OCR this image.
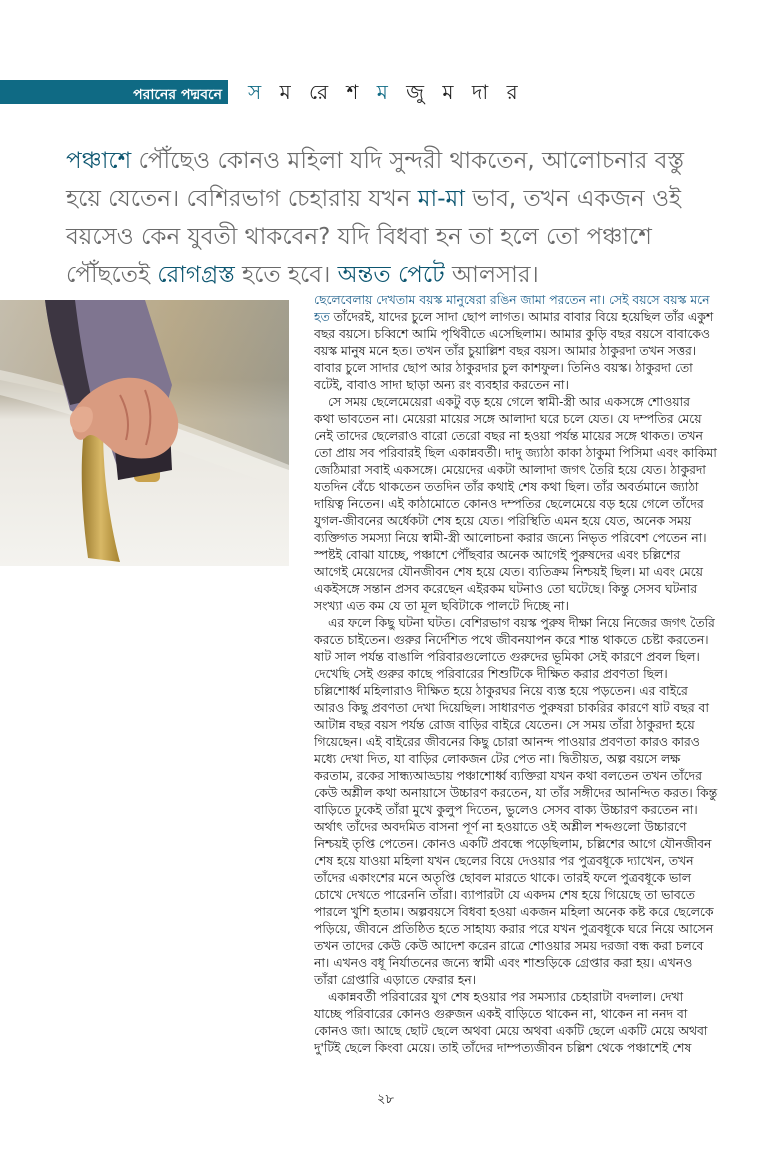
পরানের পদ্মবনে স ম রে শ ম জু ম দা র
পঞ্চাশে পৌঁছেও কোনও মহিলা যদি সুন্দরী থাকতেন, আলোচনার বস্তু
হয়ে যেতেন। বেশিরভাগ চেহারায় যখন মা-মা ভাব, তখন একজন ওই
বয়সেও কেন যুবতী থাকবেন? যদি বিধবা হন তা হলে তো পঞ্চাশে
পৌঁছতেই রোগগ্রস্ত হতে হবে। অন্তত পেটে আলসার।
ছেলেবেলায় দেখতাম বয়স্ক মানুষেরা রঙিন জামা পরতেন না। সেই বয়সে বয়স্ক মনে
হত তাঁদেরই, যাদের চুলে সাদা ছোপ লাগত। আমার বাবার বিয়ে হয়েছিল তাঁর একুশ
বছর বয়সে। চব্বিশে আমি পৃথিবীতে এসেছিলাম। আমার কুড়ি বছর বয়সে বাবাকেও
বয়স্ক মানুষ মনে হত। তখন তাঁর চুয়াল্লিশ বছর বয়স। আমার ঠাকুরদা তখন সত্তর।
বাবার চুলে সাদার ছোপ আর ঠাকুরদার চুল কাশফুল। তিনিও বয়স্ক। ঠাকুরদা তো
বটেই, বাবাও সাদা ছাড়া অন্য রং ব্যবহার করতেন না।
সে সময় ছেলেমেয়েরা একটু বড় হয়ে গেলে স্বামী-স্ত্রী আর একসঙ্গে শোওয়ার
কথা ভাবতেন না। মেয়েরা মায়ের সঙ্গে আলাদা ঘরে চলে যেত। যে দম্পতির মেয়ে
নেই তাদের ছেলেরাও বারো তেরো বছর না হওয়া পর্যন্ত মায়ের সঙ্গে থাকত। তখন
তো প্রায় সব পরিবারই ছিল একান্নবর্তী। দাদু জ্যাঠা কাকা ঠাকুমা পিসিমা এবং কাকিমা
জেঠিমারা সবাই একসঙ্গে। মেয়েদের একটা আলাদা জগৎ তৈরি হয়ে যেত। ঠাকুরদা
যতদিন বেঁচে থাকতেন ততদিন তাঁর কথাই শেষ কথা ছিল। তাঁর অবর্তমানে জ্যাঠা
দায়িত্ব নিতেন। এই কাঠামোতে কোনও দম্পতির ছেলেমেয়ে বড় হয়ে গেলে তাঁদের
যুগল-জীবনের অর্ধেকটা শেষ হয়ে যেত। পরিস্থিতি এমন হয়ে যেত, অনেক সময়
ব্যক্তিগত সমস্যা নিয়ে স্বামী-স্ত্রী আলোচনা করার জন্যে নিভৃত পরিবেশ পেতেন না।
স্পষ্টই বোঝা যাচ্ছে, পঞ্চাশে পৌঁছবার অনেক আগেই পুরুষদের এবং চল্লিশের
আগেই মেয়েদের যৌনজীবন শেষ হয়ে যেত। ব্যতিক্রম নিশ্চয়ই ছিল। মা এবং মেয়ে
একইসঙ্গে সন্তান প্রসব করেছেন এইরকম ঘটনাও তো ঘটেছে। কিন্তু সেসব ঘটনার
সংখ্যা এত কম যে তা মূল ছবিটাকে পালটে দিচ্ছে না।
এর ফলে কিছু ঘটনা ঘটত। বেশিরভাগ বয়স্ক পুরুষ দীক্ষা নিয়ে নিজের জগৎ তৈরি
করতে চাইতেন। গুরুর নির্দেশিত পথে জীবনযাপন করে শান্ত থাকতে চেষ্টা করতেন।
ষাট সাল পর্যন্ত বাঙালি পরিবারগুলোতে গুরুদের ভূমিকা সেই কারণে প্রবল ছিল।
দেখেছি সেই গুরুর কাছে পরিবারের শিশুটিকে দীক্ষিত করার প্রবণতা ছিল।
চল্লিশোর্ধ্ব মহিলারাও দীক্ষিত হয়ে ঠাকুরঘর নিয়ে ব্যস্ত হয়ে পড়তেন। এর বাইরে
আরও কিছু প্রবণতা দেখা দিয়েছিল। সাধারণত পুরুষরা চাকরির কারণে ষাট বছর বা
আটান্ন বছর বয়স পর্যন্ত রোজ বাড়ির বাইরে যেতেন। সে সময় তাঁরা ঠাকুরদা হয়ে
গিয়েছেন। এই বাইরের জীবনের কিছু চোরা আনন্দ পাওয়ার প্রবণতা কারও কারও
মধ্যে দেখা দিত, যা বাড়ির লোকজন টের পেত না। দ্বিতীয়ত, অল্প বয়সে লক্ষ
করতাম, রকের সান্ধ্যআড্ডায় পঞ্চাশোর্ধ্ব ব্যক্তিরা যখন কথা বলতেন তখন তাঁদের
কেউ অশ্লীল কথা অনায়াসে উচ্চারণ করতেন, যা তাঁর সঙ্গীদের আনন্দিত করত। কিন্তু
বাড়িতে ঢুকেই তাঁরা মুখে কুলুপ দিতেন, ভুলেও সেসব বাক্য উচ্চারণ করতেন না।
অর্থাৎ তাঁদের অবদমিত বাসনা পূর্ণ না হওয়াতে ওই অশ্লীল শব্দগুলো উচ্চারণে
নিশ্চয়ই তৃপ্তি পেতেন। কোনও একটি প্রবন্ধে পড়েছিলাম, চল্লিশের আগে যৌনজীবন
শেষ হয়ে যাওয়া মহিলা যখন ছেলের বিয়ে দেওয়ার পর পুত্রবধূকে দ্যাখেন, তখন
তাঁদের একাংশের মনে অতৃপ্তি ছোবল মারতে থাকে। তারই ফলে পুত্রবধূকে ভাল
চোখে দেখতে পারেননি তাঁরা। ব্যাপারটা যে একদম শেষ হয়ে গিয়েছে তা ভাবতে
পারলে খুশি হতাম। অল্পবয়সে বিধবা হওয়া একজন মহিলা অনেক কষ্ট করে ছেলেকে
পড়িয়ে, জীবনে প্রতিষ্ঠিত হতে সাহায্য করার পরে যখন পুত্রবধূকে ঘরে নিয়ে আসেন
তখন তাদের কেউ কেউ আদেশ করেন রাত্রে শোওয়ার সময় দরজা বন্ধ করা চলবে
না। এখনও বধূ নির্যাতনের জন্যে স্বামী এবং শাশুড়িকে গ্রেপ্তার করা হয়। এখনও
তাঁরা গ্রেপ্তারি এড়াতে ফেরার হন।
একান্নবর্তী পরিবারের যুগ শেষ হওয়ার পর সমস্যার চেহারাটা বদলাল। দেখা
যাচ্ছে পরিবারের কোনও গুরুজন একই বাড়িতে থাকেন না, থাকেন না ননদ বা
কোনও জা। আছে ছোট ছেলে অথবা মেয়ে অথবা একটি ছেলে একটি মেয়ে অথবা
দু'টিই ছেলে কিংবা মেয়ে। তাই তাঁদের দাম্পত্যজীবন চল্লিশ থেকে পঞ্চাশেই শেষ
২৮
